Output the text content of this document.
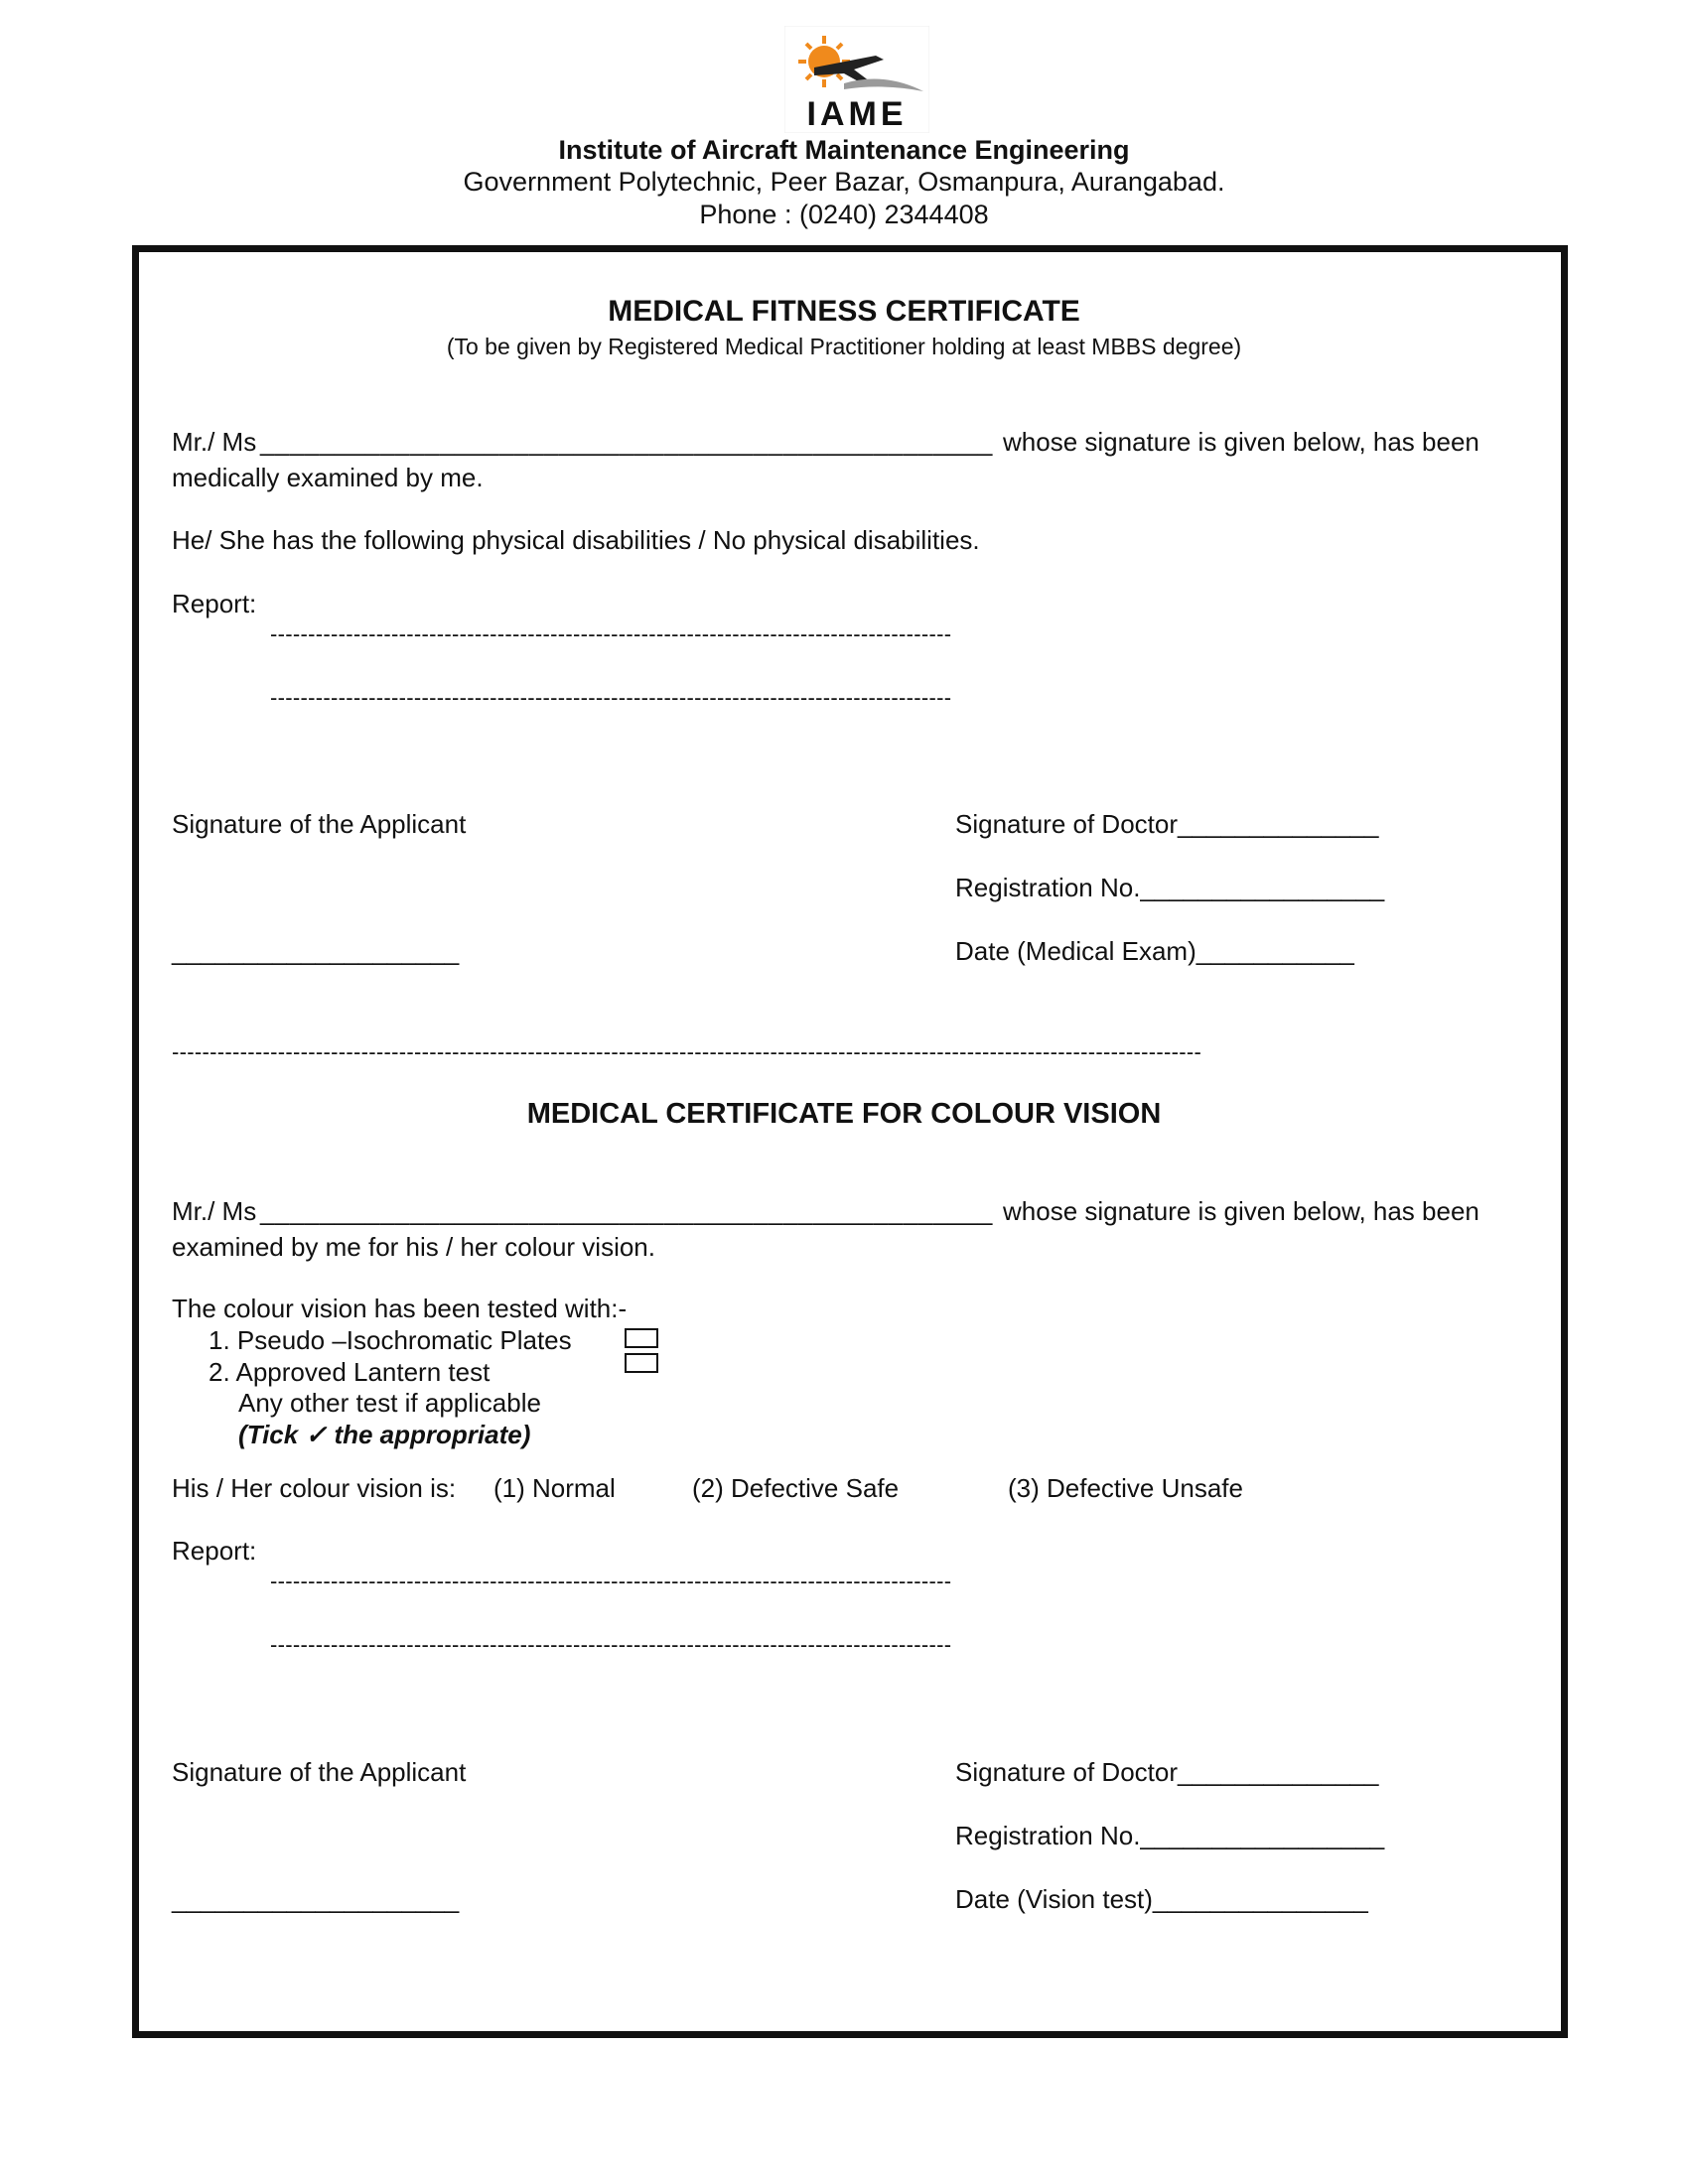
IAME
Institute of Aircraft Maintenance Engineering
Government Polytechnic, Peer Bazar, Osmanpura, Aurangabad.
Phone : (0240) 2344408
MEDICAL FITNESS CERTIFICATE
(To be given by Registered Medical Practitioner holding at least MBBS degree)
Mr./ Ms _________________________________________________ whose signature is given below, has been
medically examined by me.
He/ She has the following physical disabilities / No physical disabilities.
Report:
------------------------------------------------------------------------------------------
------------------------------------------------------------------------------------------
Signature of the Applicant	Signature of Doctor______________
Registration No._________________
____________________	Date (Medical Exam)___________
----------------------------------------------------------------------------------------------------------------------------------------
MEDICAL CERTIFICATE FOR COLOUR VISION
Mr./ Ms _________________________________________________ whose signature is given below, has been
examined by me for his / her colour vision.
The colour vision has been tested with:-
1. Pseudo –Isochromatic Plates
2. Approved Lantern test
Any other test if applicable
(Tick ✓ the appropriate)
His / Her colour vision is: (1) Normal	(2) Defective Safe	(3) Defective Unsafe
Report:
------------------------------------------------------------------------------------------
------------------------------------------------------------------------------------------
Signature of the Applicant	Signature of Doctor______________
Registration No._________________
____________________	Date (Vision test)_______________
